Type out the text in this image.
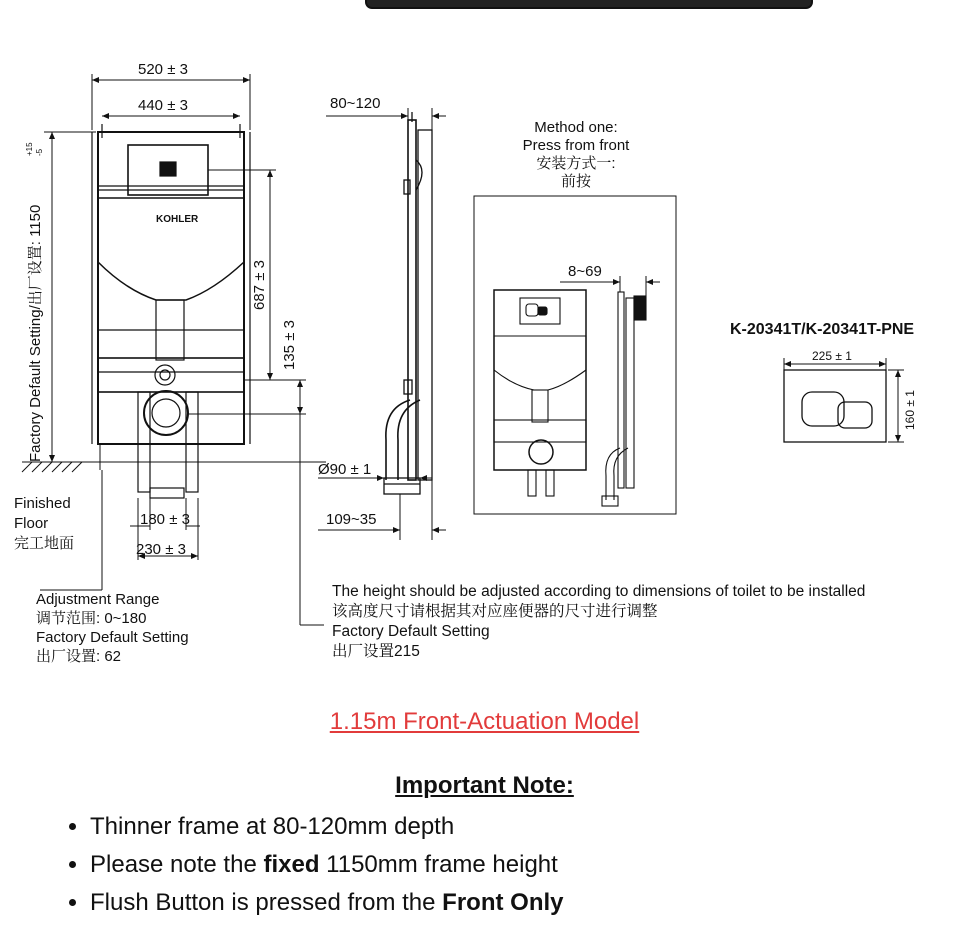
KOHLER
520 ± 3
440 ± 3
Factory Default Setting/出厂设置: 1150
+15 -5
687 ± 3
135 ± 3
Finished
Floor
完工地面
180 ± 3
230 ± 3
Adjustment Range
调节范围: 0~180
Factory Default Setting
出厂设置: 62
80~120
Ø90 ± 1
109~35
The height should be adjusted according to dimensions of toilet to be installed
该高度尺寸请根据其对应座便器的尺寸进行调整
Factory Default Setting
出厂设置215
Method one:
Press from front
安装方式一:
前按
8~69
K-20341T/K-20341T-PNE
225 ± 1
160 ± 1
1.15m Front-Actuation Model
Important Note:
• Thinner frame at 80-120mm depth
• Please note the fixed 1150mm frame height
• Flush Button is pressed from the Front Only
